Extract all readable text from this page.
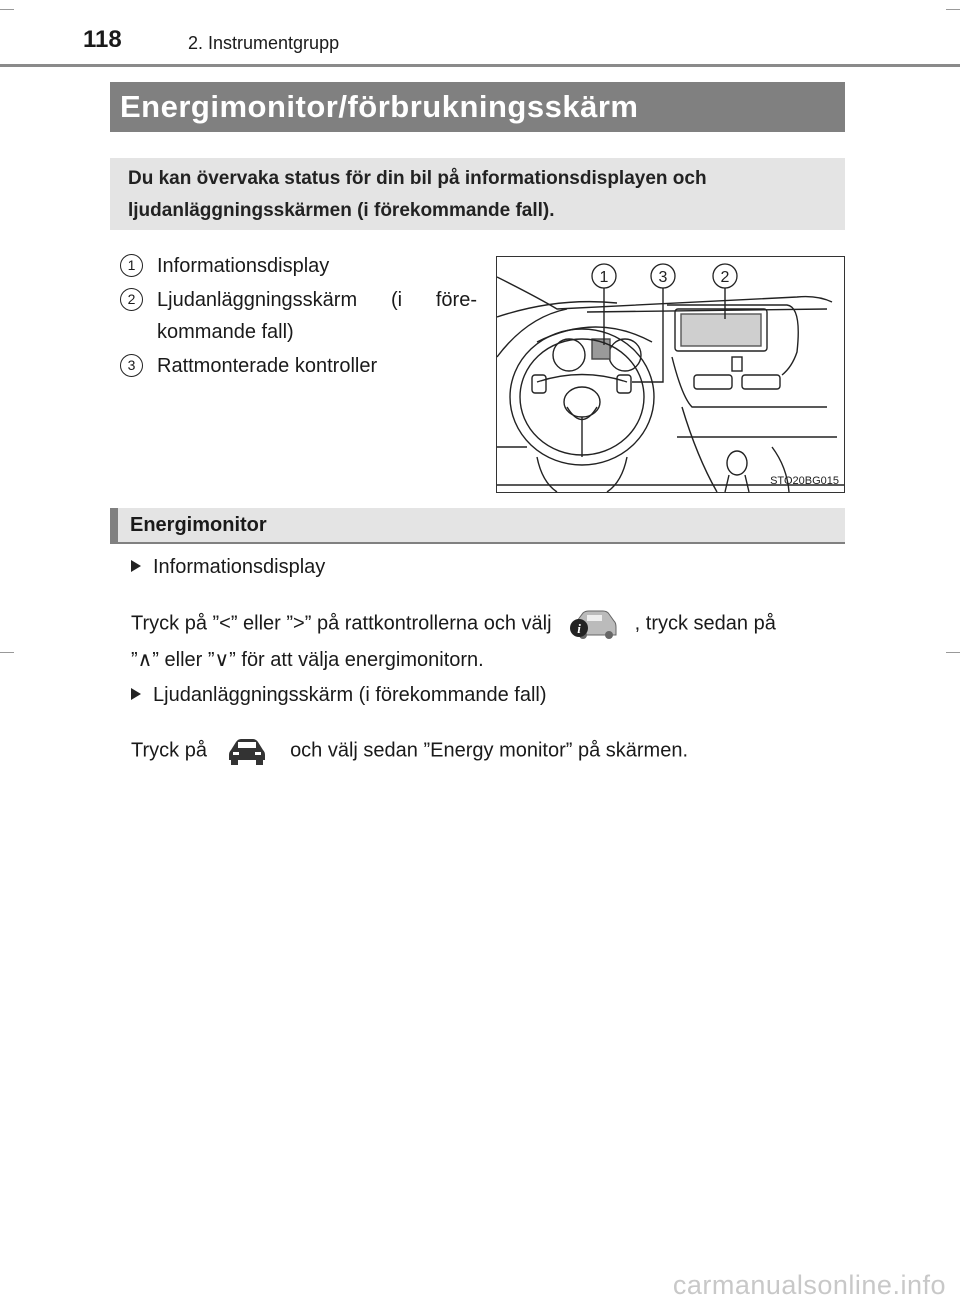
118	2. Instrumentgrupp
Energimonitor/förbrukningsskärm
Du kan övervaka status för din bil på informationsdisplayen och ljudanläggningsskärmen (i förekommande fall).
1	Informationsdisplay
2	Ljudanläggningsskärm (i före-
kommande fall)
3	Rattmonterade kontroller
1	3	2
STO20BG015
Energimonitor
Informationsdisplay
Tryck på ”<” eller ”>” på rattkontrollerna och välj i	, tryck sedan på
”∧” eller ”∨” för att välja energimonitorn.
Ljudanläggningsskärm (i förekommande fall)
Tryck på	och välj sedan ”Energy monitor” på skärmen.
carmanualsonline.info
